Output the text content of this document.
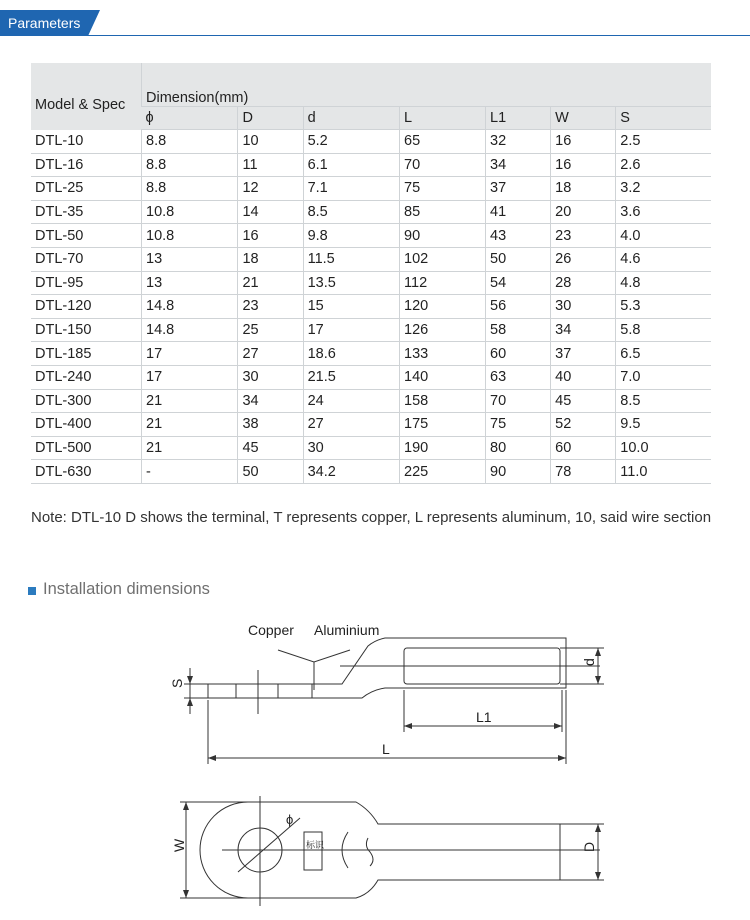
Parameters
Model & Spec	Dimension(mm)						
	ϕ	D	d	L	L1	W	S
DTL-10	8.8	10	5.2	65	32	16	2.5
DTL-16	8.8	11	6.1	70	34	16	2.6
DTL-25	8.8	12	7.1	75	37	18	3.2
DTL-35	10.8	14	8.5	85	41	20	3.6
DTL-50	10.8	16	9.8	90	43	23	4.0
DTL-70	13	18	11.5	102	50	26	4.6
DTL-95	13	21	13.5	112	54	28	4.8
DTL-120	14.8	23	15	120	56	30	5.3
DTL-150	14.8	25	17	126	58	34	5.8
DTL-185	17	27	18.6	133	60	37	6.5
DTL-240	17	30	21.5	140	63	40	7.0
DTL-300	21	34	24	158	70	45	8.5
DTL-400	21	38	27	175	75	52	9.5
DTL-500	21	45	30	190	80	60	10.0
DTL-630	-	50	34.2	225	90	78	11.0
Note: DTL-10 D shows the terminal, T represents copper, L represents aluminum, 10, said wire section
Installation dimensions
Copper Aluminium
d
S
L1
L
W	D
ϕ
标识
